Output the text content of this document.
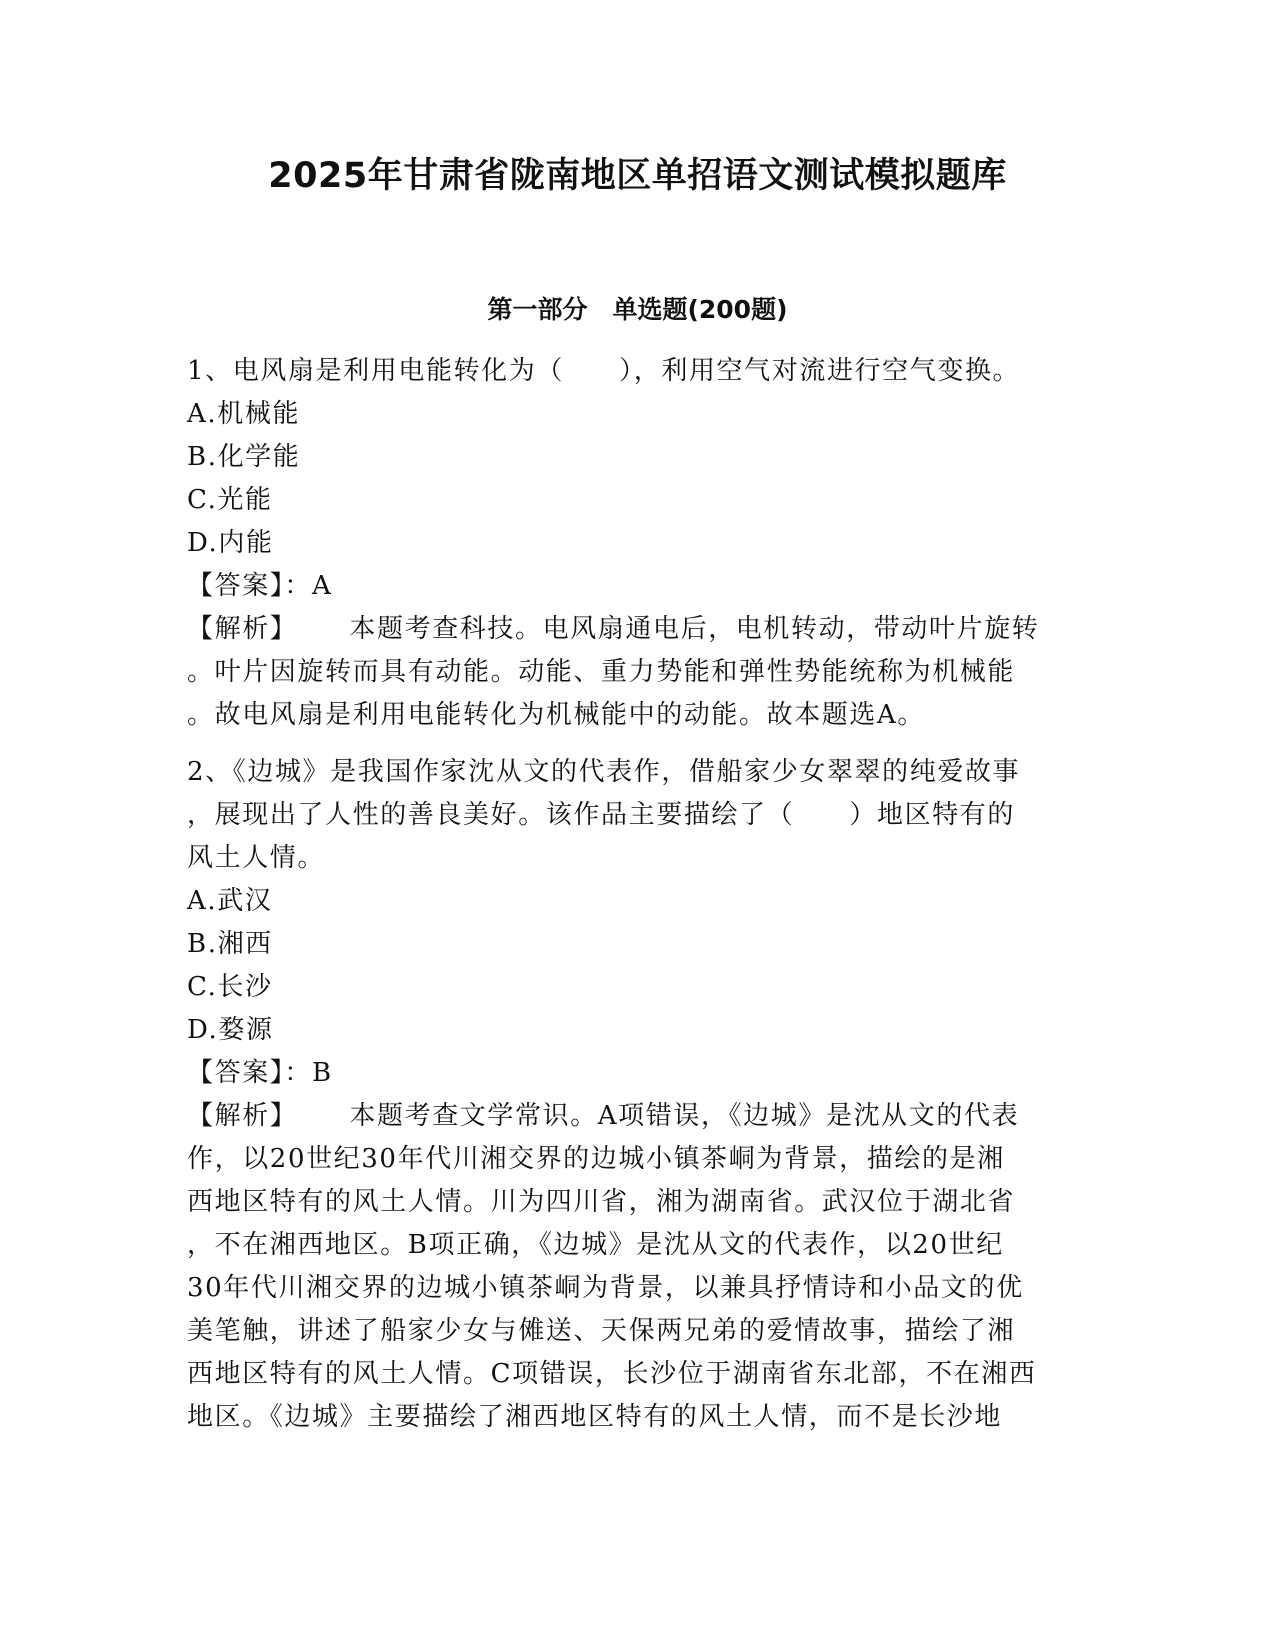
2025年甘肃省陇南地区单招语文测试模拟题库
第一部分　单选题(200题)
1、电风扇是利用电能转化为（　　），利用空气对流进行空气变换。
A.机械能
B.化学能
C.光能
D.内能
【答案】：A
【解析】 本题考查科技。电风扇通电后，电机转动，带动叶片旋转
。叶片因旋转而具有动能。动能、重力势能和弹性势能统称为机械能
。故电风扇是利用电能转化为机械能中的动能。故本题选A。
2、《边城》是我国作家沈从文的代表作，借船家少女翠翠的纯爱故事
，展现出了人性的善良美好。该作品主要描绘了（　　）地区特有的
风土人情。
A.武汉
B.湘西
C.长沙
D.婺源
【答案】：B
【解析】 本题考查文学常识。A项错误，《边城》是沈从文的代表
作，以20世纪30年代川湘交界的边城小镇茶峒为背景，描绘的是湘
西地区特有的风土人情。川为四川省，湘为湖南省。武汉位于湖北省
，不在湘西地区。B项正确，《边城》是沈从文的代表作，以20世纪
30年代川湘交界的边城小镇茶峒为背景，以兼具抒情诗和小品文的优
美笔触，讲述了船家少女与傩送、天保两兄弟的爱情故事，描绘了湘
西地区特有的风土人情。C项错误，长沙位于湖南省东北部，不在湘西
地区。《边城》主要描绘了湘西地区特有的风土人情，而不是长沙地
